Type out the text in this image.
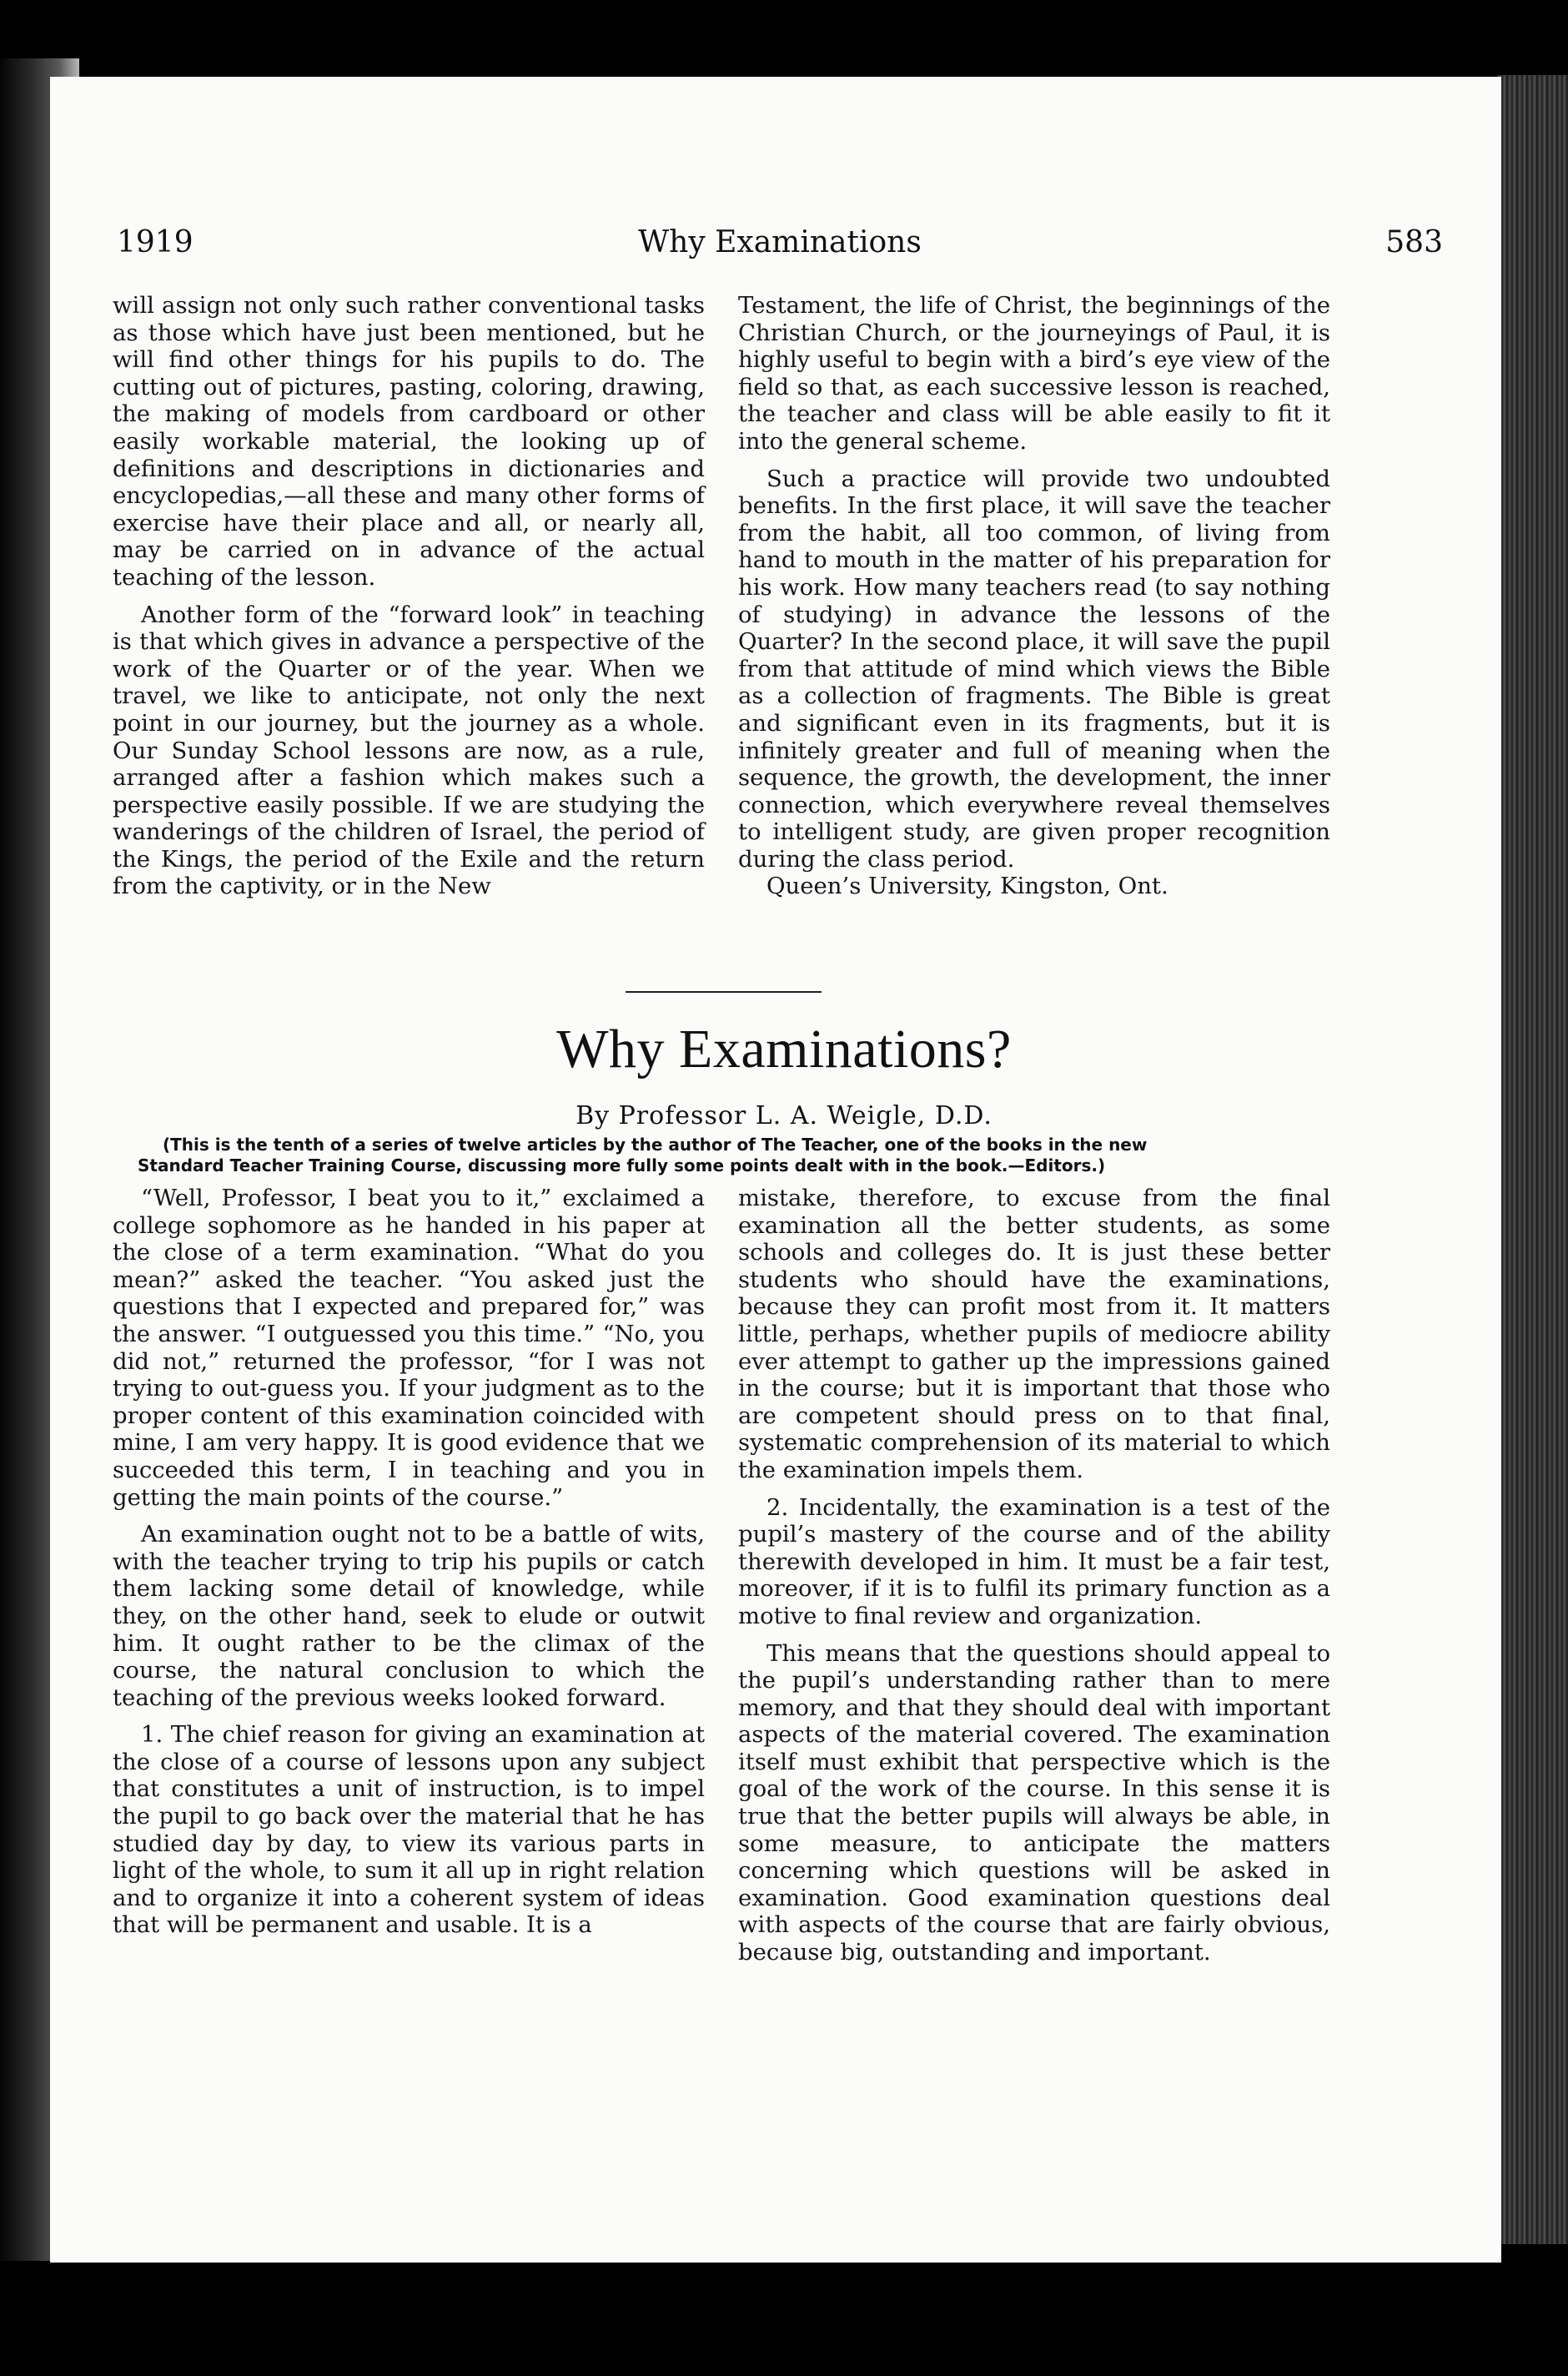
1919	Why Examinations	583

will assign not only such rather conventional tasks as those which have just been mentioned, but he will find other things for his pupils to do. The cutting out of pictures, pasting, coloring, drawing, the making of models from cardboard or other easily workable material, the looking up of definitions and descriptions in dictionaries and encyclopedias,—all these and many other forms of exercise have their place and all, or nearly all, may be carried on in advance of the actual teaching of the lesson.

Another form of the “forward look” in teaching is that which gives in advance a perspective of the work of the Quarter or of the year. When we travel, we like to anticipate, not only the next point in our journey, but the journey as a whole. Our Sunday School lessons are now, as a rule, arranged after a fashion which makes such a perspective easily possible. If we are studying the wanderings of the children of Israel, the period of the Kings, the period of the Exile and the return from the captivity, or in the New

Testament, the life of Christ, the beginnings of the Christian Church, or the journeyings of Paul, it is highly useful to begin with a bird’s eye view of the field so that, as each successive lesson is reached, the teacher and class will be able easily to fit it into the general scheme.

Such a practice will provide two undoubted benefits. In the first place, it will save the teacher from the habit, all too common, of living from hand to mouth in the matter of his preparation for his work. How many teachers read (to say nothing of studying) in advance the lessons of the Quarter? In the second place, it will save the pupil from that attitude of mind which views the Bible as a collection of fragments. The Bible is great and significant even in its fragments, but it is infinitely greater and full of meaning when the sequence, the growth, the development, the inner connection, which everywhere reveal themselves to intelligent study, are given proper recognition during the class period.

Queen’s University, Kingston, Ont.

Why Examinations?
By Professor L. A. Weigle, D.D.
(This is the tenth of a series of twelve articles by the author of The Teacher, one of the books in the new
Standard Teacher Training Course, discussing more fully some points dealt with in the book.—Editors.)

“Well, Professor, I beat you to it,” exclaimed a college sophomore as he handed in his paper at the close of a term examination. “What do you mean?” asked the teacher. “You asked just the questions that I expected and prepared for,” was the answer. “I outguessed you this time.” “No, you did not,” returned the professor, “for I was not trying to out-guess you. If your judgment as to the proper content of this examination coincided with mine, I am very happy. It is good evidence that we succeeded this term, I in teaching and you in getting the main points of the course.”

An examination ought not to be a battle of wits, with the teacher trying to trip his pupils or catch them lacking some detail of knowledge, while they, on the other hand, seek to elude or outwit him. It ought rather to be the climax of the course, the natural conclusion to which the teaching of the previous weeks looked forward.

1. The chief reason for giving an examination at the close of a course of lessons upon any subject that constitutes a unit of instruction, is to impel the pupil to go back over the material that he has studied day by day, to view its various parts in light of the whole, to sum it all up in right relation and to organize it into a coherent system of ideas that will be permanent and usable. It is a

mistake, therefore, to excuse from the final examination all the better students, as some schools and colleges do. It is just these better students who should have the examinations, because they can profit most from it. It matters little, perhaps, whether pupils of mediocre ability ever attempt to gather up the impressions gained in the course; but it is important that those who are competent should press on to that final, systematic comprehension of its material to which the examination impels them.

2. Incidentally, the examination is a test of the pupil’s mastery of the course and of the ability therewith developed in him. It must be a fair test, moreover, if it is to fulfil its primary function as a motive to final review and organization.

This means that the questions should appeal to the pupil’s understanding rather than to mere memory, and that they should deal with important aspects of the material covered. The examination itself must exhibit that perspective which is the goal of the work of the course. In this sense it is true that the better pupils will always be able, in some measure, to anticipate the matters concerning which questions will be asked in examination. Good examination questions deal with aspects of the course that are fairly obvious, because big, outstanding and important.
